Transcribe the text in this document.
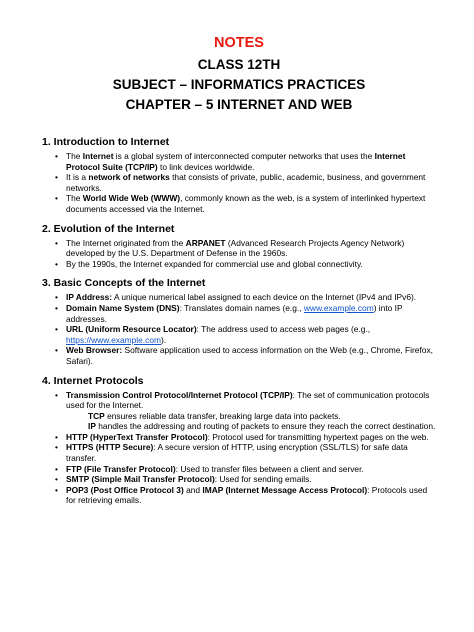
NOTES
CLASS 12TH
SUBJECT – INFORMATICS PRACTICES
CHAPTER – 5 INTERNET AND WEB
1. Introduction to Internet
• The Internet is a global system of interconnected computer networks that uses the Internet Protocol Suite (TCP/IP) to link devices worldwide.
• It is a network of networks that consists of private, public, academic, business, and government networks.
• The World Wide Web (WWW), commonly known as the web, is a system of interlinked hypertext documents accessed via the Internet.
2. Evolution of the Internet
• The Internet originated from the ARPANET (Advanced Research Projects Agency Network) developed by the U.S. Department of Defense in the 1960s.
• By the 1990s, the Internet expanded for commercial use and global connectivity.
3. Basic Concepts of the Internet
• IP Address: A unique numerical label assigned to each device on the Internet (IPv4 and IPv6).
• Domain Name System (DNS): Translates domain names (e.g., www.example.com) into IP addresses.
• URL (Uniform Resource Locator): The address used to access web pages (e.g., https://www.example.com).
• Web Browser: Software application used to access information on the Web (e.g., Chrome, Firefox, Safari).
4. Internet Protocols
• Transmission Control Protocol/Internet Protocol (TCP/IP): The set of communication protocols used for the Internet.
TCP ensures reliable data transfer, breaking large data into packets.
IP handles the addressing and routing of packets to ensure they reach the correct destination.
• HTTP (HyperText Transfer Protocol): Protocol used for transmitting hypertext pages on the web.
• HTTPS (HTTP Secure): A secure version of HTTP, using encryption (SSL/TLS) for safe data transfer.
• FTP (File Transfer Protocol): Used to transfer files between a client and server.
• SMTP (Simple Mail Transfer Protocol): Used for sending emails.
• POP3 (Post Office Protocol 3) and IMAP (Internet Message Access Protocol): Protocols used for retrieving emails.
